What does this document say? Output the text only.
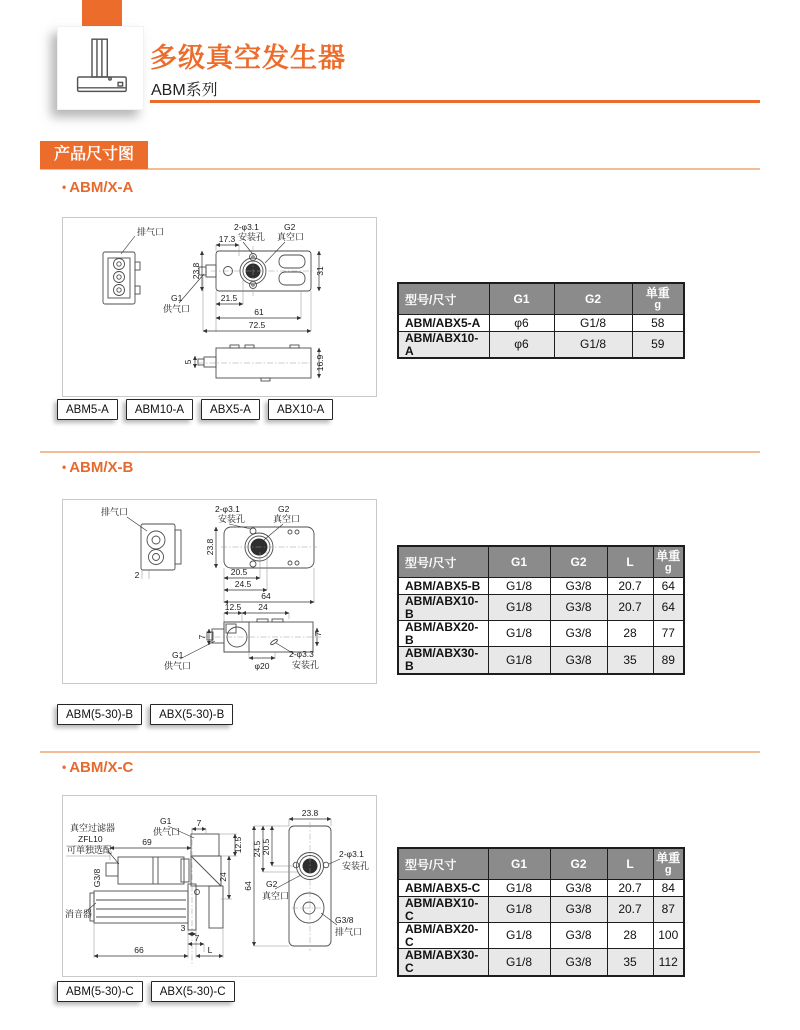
多级真空发生器
ABM系列
产品尺寸图
• ABM/X-A
排气口
17.3
2-φ3.1
安装孔
G2
真空口
23.8	31
21.5
61
72.5
G1
供气口
5	16.9
型号/尺寸	G1	G2	单重
g

ABM/ABX5-A	φ6	G1/8	58
ABM/ABX10-A	φ6	G1/8	59
ABM5-A	ABM10-A	ABX5-A	ABX10-A
• ABM/X-B
排气口
2
2-φ3.1
安装孔
G2
真空口
23.8
20.5
24.5
64
12.5 24
7
7
G1
供气口	φ20
2-φ3.3
安装孔
型号/尺寸	G1	G2	L	单重
g

ABM/ABX5-B	G1/8	G3/8	20.7	64
ABM/ABX10-B	G1/8	G3/8	20.7	64
ABM/ABX20-B	G1/8	G3/8	28	77
ABM/ABX30-B	G1/8	G3/8	35	89
ABM(5-30)-B	ABX(5-30)-B
• ABM/X-C
真空过滤器
ZFL10
可单独选配
G3/8
69
G1
供气口
7
12.5
24
消音器
3
7
66	L
23.8
20.5
24.5
64
2-φ3.1
安装孔
G2
真空口
G3/8
排气口
型号/尺寸	G1	G2	L	单重
g

ABM/ABX5-C	G1/8	G3/8	20.7	84
ABM/ABX10-C	G1/8	G3/8	20.7	87
ABM/ABX20-C	G1/8	G3/8	28	100
ABM/ABX30-C	G1/8	G3/8	35	112
ABM(5-30)-C	ABX(5-30)-C
